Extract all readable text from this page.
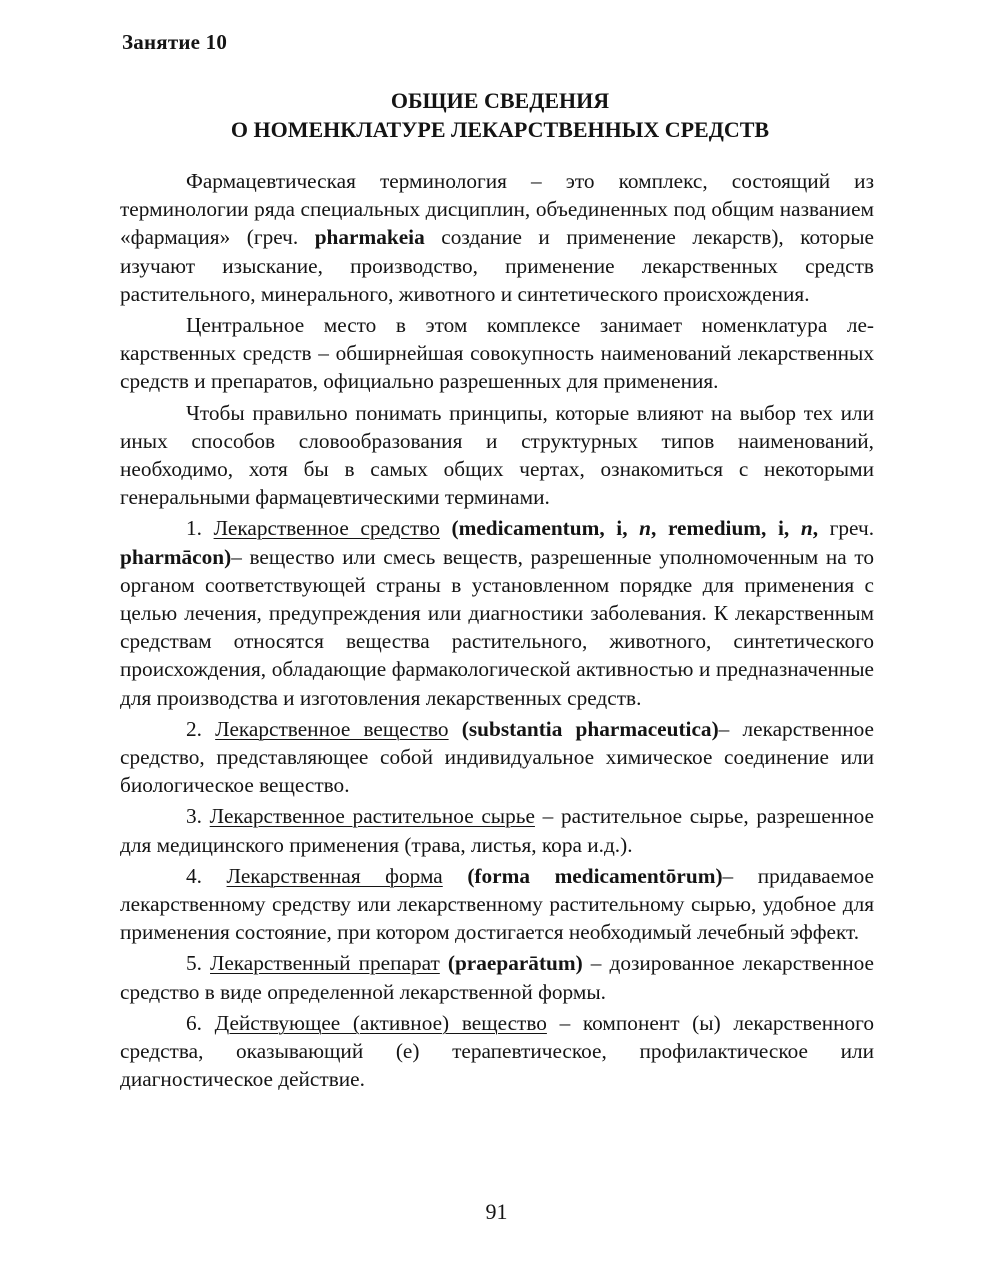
Занятие 10
ОБЩИЕ СВЕДЕНИЯ
О НОМЕНКЛАТУРЕ ЛЕКАРСТВЕННЫХ СРЕДСТВ

Фармацевтическая терминология – это комплекс, состоящий из терминологии ряда специальных дисциплин, объединенных под общим названием «фармация» (греч. pharmakeia создание и применение лекарств), которые изучают изыскание, производство, применение лекарственных средств растительного, минерального, животного и синтетического происхождения.

Центральное место в этом комплексе занимает номенклатура лекарственных средств – обширнейшая совокупность наименований лекарственных средств и препаратов, официально разрешенных для применения.

Чтобы правильно понимать принципы, которые влияют на выбор тех или иных способов словообразования и структурных типов наименований, необходимо, хотя бы в самых общих чертах, ознакомиться с некоторыми генеральными фармацевтическими терминами.

1. Лекарственное средство (medicamentum, i, n, remedium, i, n, греч. pharmācon)– вещество или смесь веществ, разрешенные уполномоченным на то органом соответствующей страны в установленном порядке для применения с целью лечения, предупреждения или диагностики заболевания. К лекарственным средствам относятся вещества растительного, животного, синтетического происхождения, обладающие фармакологической активностью и предназначенные для производства и изготовления лекарственных средств.

2. Лекарственное вещество (substantia pharmaceutica)– лекарственное средство, представляющее собой индивидуальное химическое соединение или биологическое вещество.

3. Лекарственное растительное сырье – растительное сырье, разрешенное для медицинского применения (трава, листья, кора и.д.).

4. Лекарственная форма (forma medicamentōrum)– придаваемое лекарственному средству или лекарственному растительному сырью, удобное для применения состояние, при котором достигается необходимый лечебный эффект.

5. Лекарственный препарат (praeparātum) – дозированное лекарственное средство в виде определенной лекарственной формы.

6. Действующее (активное) вещество – компонент (ы) лекарственного средства, оказывающий (е) терапевтическое, профилактическое или диагностическое действие.

91
